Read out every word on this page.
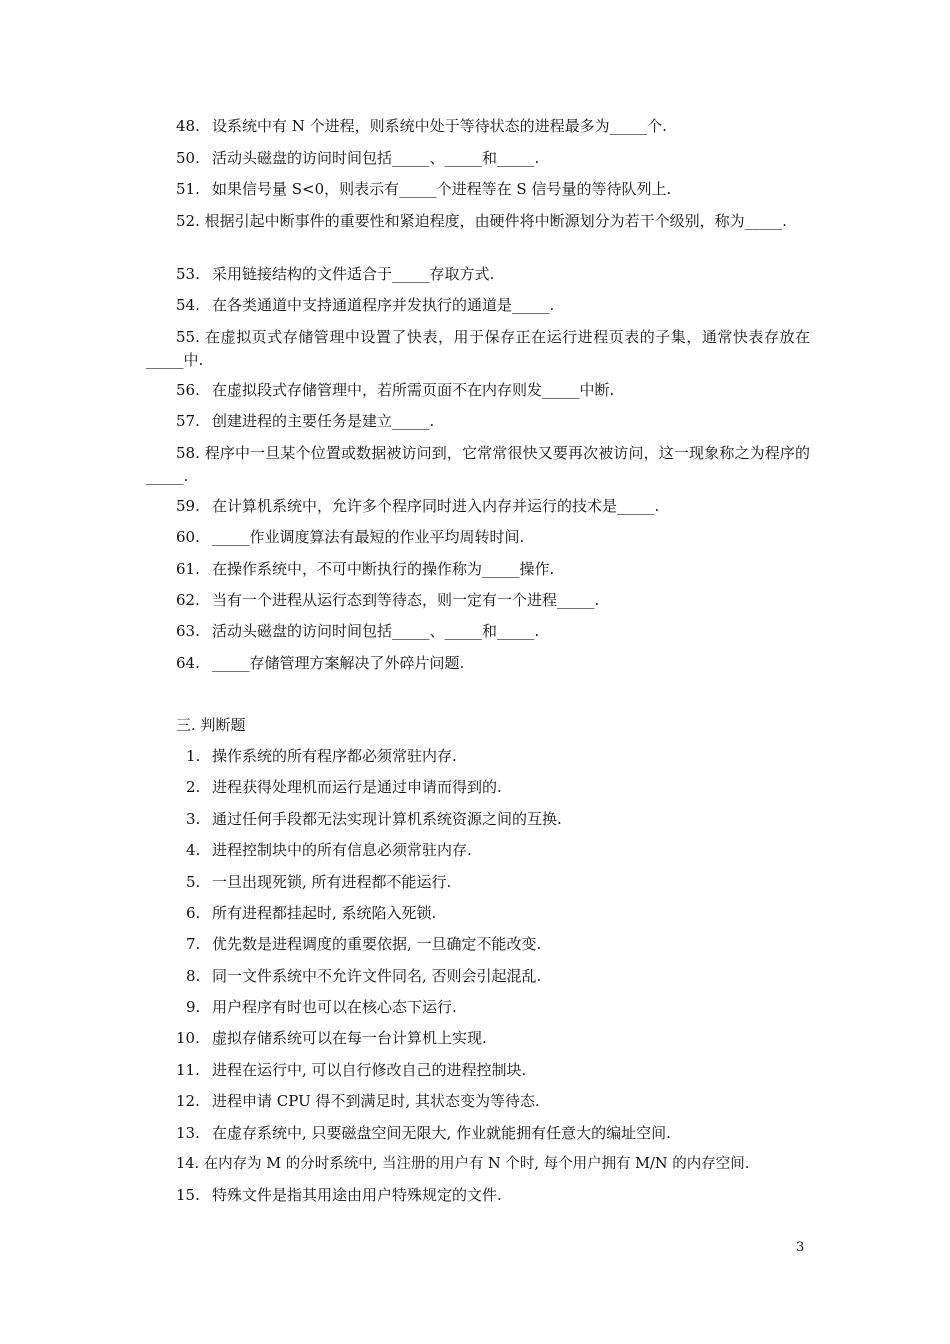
48. 设系统中有 N 个进程，则系统中处于等待状态的进程最多为_____个.
50. 活动头磁盘的访问时间包括_____、_____和_____.
51. 如果信号量 S<0，则表示有_____个进程等在 S 信号量的等待队列上.
52. 根据引起中断事件的重要性和紧迫程度，由硬件将中断源划分为若干个级别，称为_____.
53. 采用链接结构的文件适合于_____存取方式.
54. 在各类通道中支持通道程序并发执行的通道是_____.
55. 在虚拟页式存储管理中设置了快表，用于保存正在运行进程页表的子集，通常快表存放在_____中.
56. 在虚拟段式存储管理中，若所需页面不在内存则发_____中断.
57. 创建进程的主要任务是建立_____.
58. 程序中一旦某个位置或数据被访问到，它常常很快又要再次被访问，这一现象称之为程序的_____.
59. 在计算机系统中，允许多个程序同时进入内存并运行的技术是_____.
60. _____作业调度算法有最短的作业平均周转时间.
61. 在操作系统中，不可中断执行的操作称为_____操作.
62. 当有一个进程从运行态到等待态，则一定有一个进程_____.
63. 活动头磁盘的访问时间包括_____、_____和_____.
64. _____存储管理方案解决了外碎片问题.
三. 判断题
1. 操作系统的所有程序都必须常驻内存.
2. 进程获得处理机而运行是通过申请而得到的.
3. 通过任何手段都无法实现计算机系统资源之间的互换.
4. 进程控制块中的所有信息必须常驻内存.
5. 一旦出现死锁, 所有进程都不能运行.
6. 所有进程都挂起时, 系统陷入死锁.
7. 优先数是进程调度的重要依据, 一旦确定不能改变.
8. 同一文件系统中不允许文件同名, 否则会引起混乱.
9. 用户程序有时也可以在核心态下运行.
10. 虚拟存储系统可以在每一台计算机上实现.
11. 进程在运行中, 可以自行修改自己的进程控制块.
12. 进程申请 CPU 得不到满足时, 其状态变为等待态.
13. 在虚存系统中, 只要磁盘空间无限大, 作业就能拥有任意大的编址空间.
14. 在内存为 M 的分时系统中, 当注册的用户有 N 个时, 每个用户拥有 M/N 的内存空间.
15. 特殊文件是指其用途由用户特殊规定的文件.
3
